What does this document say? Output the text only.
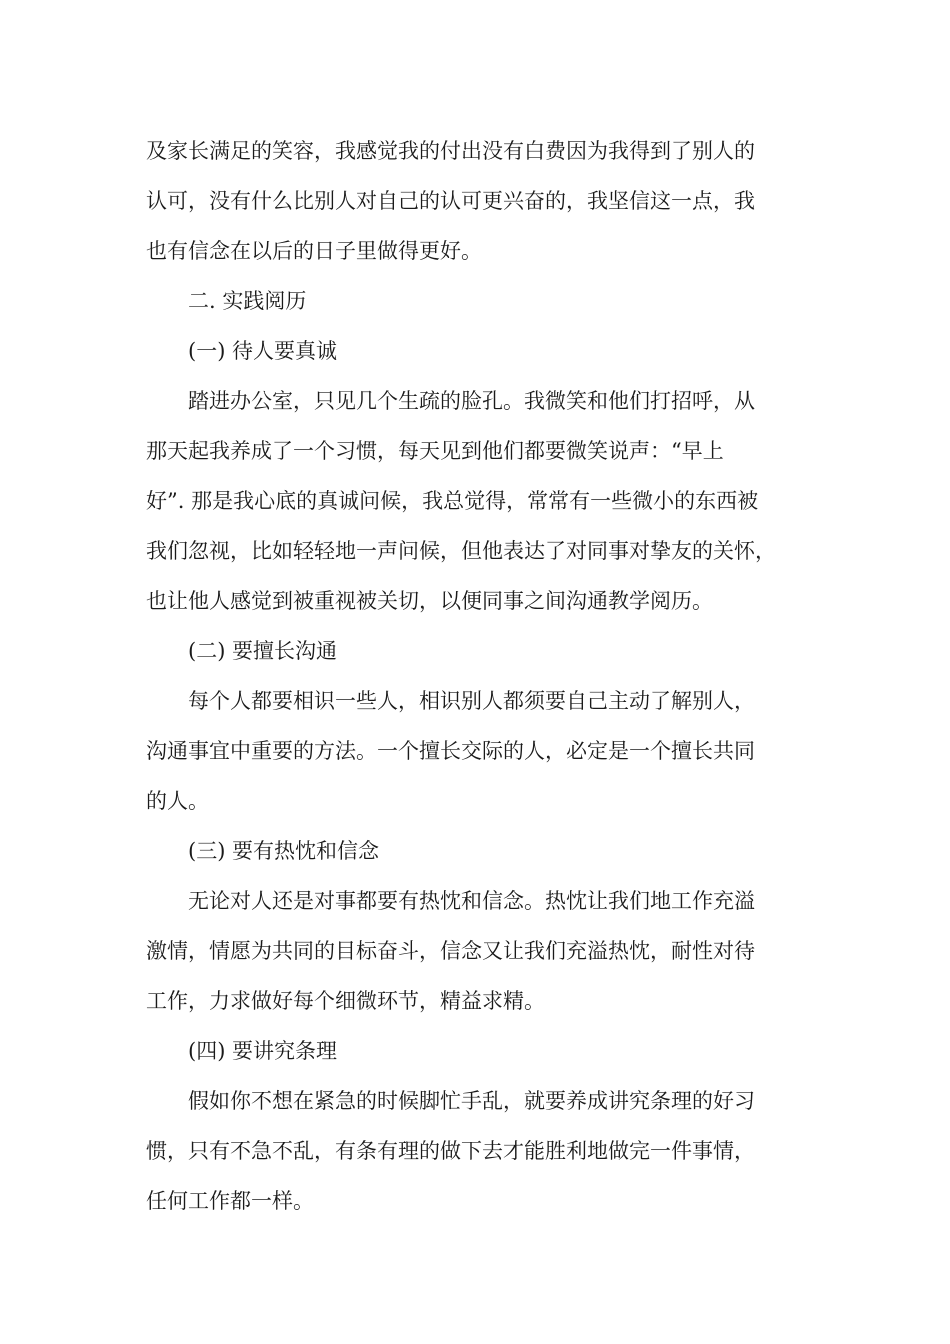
及家长满足的笑容，我感觉我的付出没有白费因为我得到了别人的
认可，没有什么比别人对自己的认可更兴奋的，我坚信这一点，我
也有信念在以后的日子里做得更好。
二. 实践阅历
(一) 待人要真诚
踏进办公室，只见几个生疏的脸孔。我微笑和他们打招呼，从
那天起我养成了一个习惯，每天见到他们都要微笑说声：“早上
好”. 那是我心底的真诚问候，我总觉得，常常有一些微小的东西被
我们忽视，比如轻轻地一声问候，但他表达了对同事对挚友的关怀，
也让他人感觉到被重视被关切，以便同事之间沟通教学阅历。
(二) 要擅长沟通
每个人都要相识一些人，相识别人都须要自己主动了解别人，
沟通事宜中重要的方法。一个擅长交际的人，必定是一个擅长共同
的人。
(三) 要有热忱和信念
无论对人还是对事都要有热忱和信念。热忱让我们地工作充溢
激情，情愿为共同的目标奋斗，信念又让我们充溢热忱，耐性对待
工作，力求做好每个细微环节，精益求精。
(四) 要讲究条理
假如你不想在紧急的时候脚忙手乱，就要养成讲究条理的好习
惯，只有不急不乱，有条有理的做下去才能胜利地做完一件事情，
任何工作都一样。
